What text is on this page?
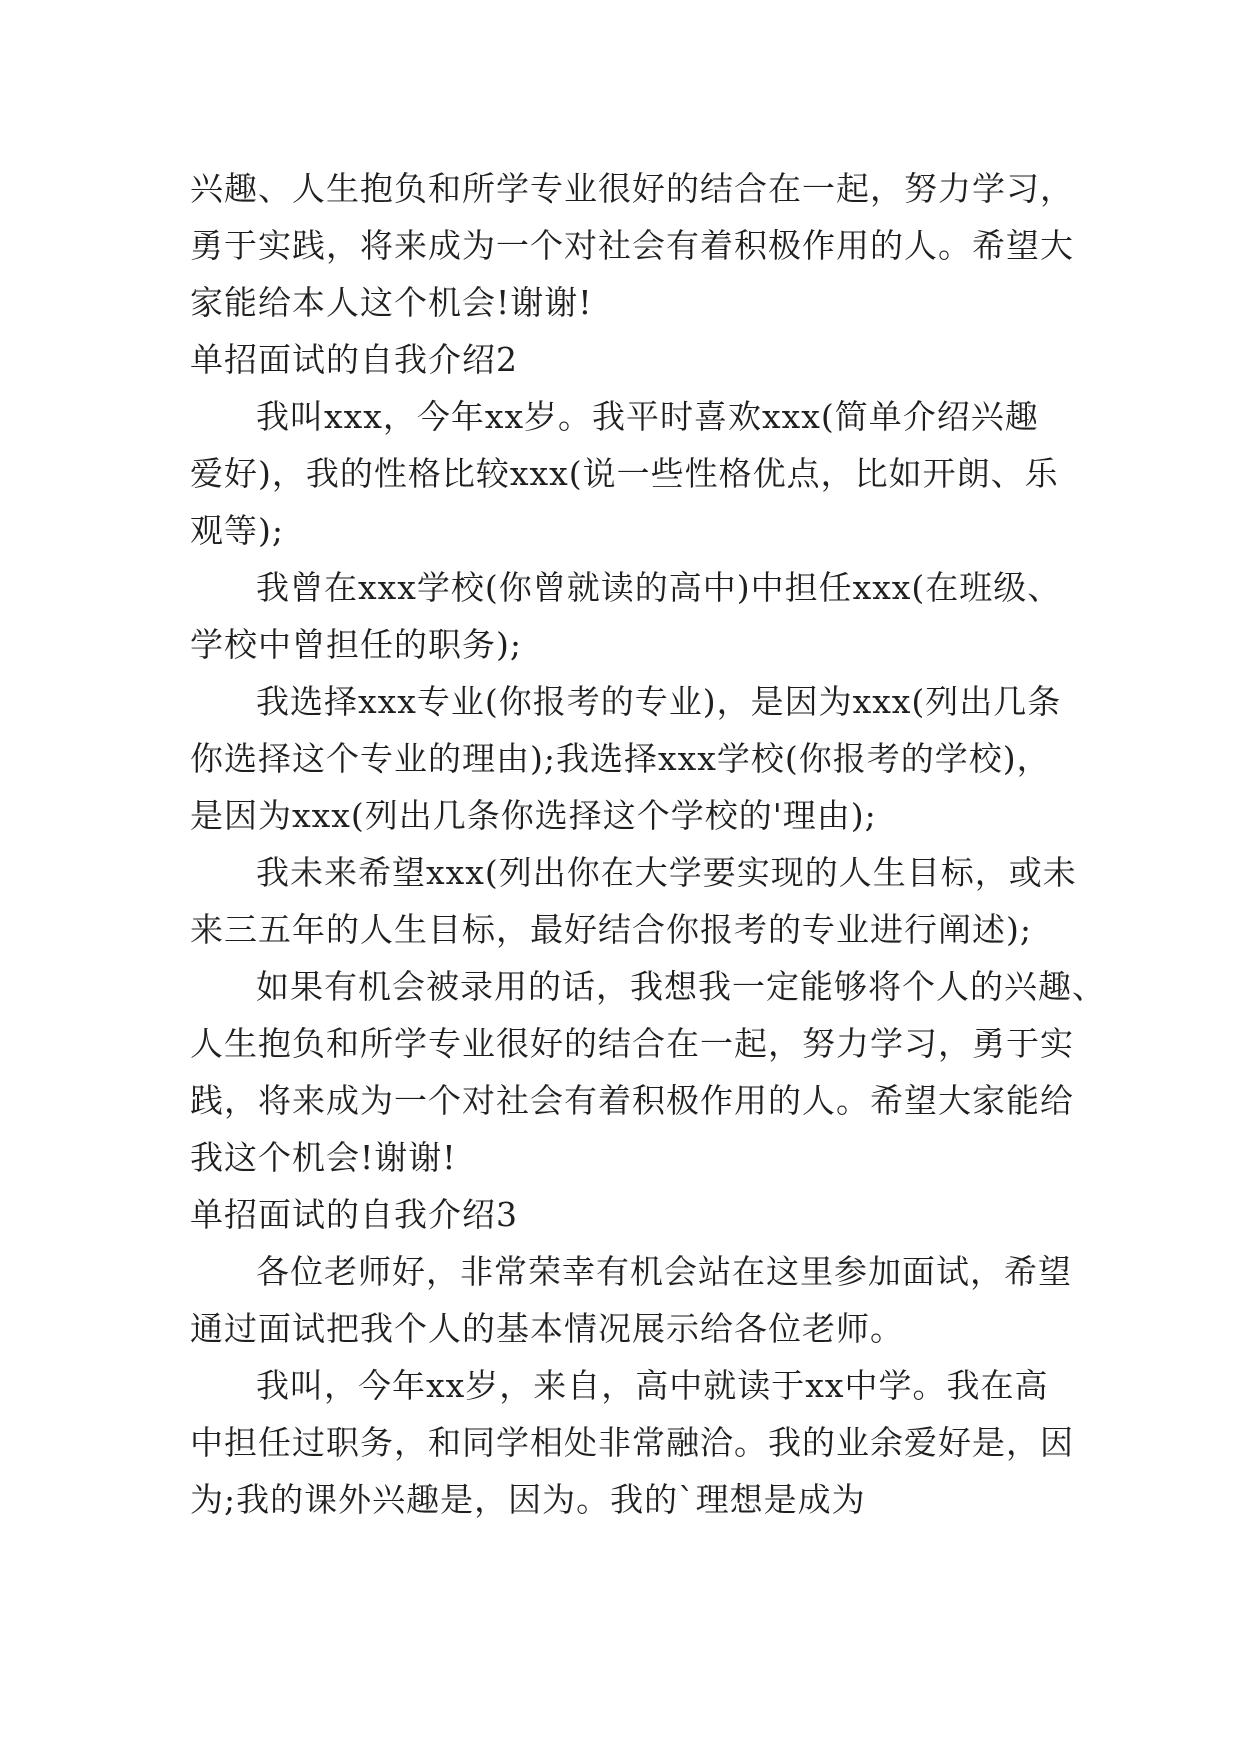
兴趣、人生抱负和所学专业很好的结合在一起，努力学习，
勇于实践，将来成为一个对社会有着积极作用的人。希望大
家能给本人这个机会!谢谢!
单招面试的自我介绍2
我叫xxx，今年xx岁。我平时喜欢xxx(简单介绍兴趣
爱好)，我的性格比较xxx(说一些性格优点，比如开朗、乐
观等);
我曾在xxx学校(你曾就读的高中)中担任xxx(在班级、
学校中曾担任的职务);
我选择xxx专业(你报考的专业)，是因为xxx(列出几条
你选择这个专业的理由);我选择xxx学校(你报考的学校)，
是因为xxx(列出几条你选择这个学校的'理由);
我未来希望xxx(列出你在大学要实现的人生目标，或未
来三五年的人生目标，最好结合你报考的专业进行阐述);
如果有机会被录用的话，我想我一定能够将个人的兴趣、
人生抱负和所学专业很好的结合在一起，努力学习，勇于实
践，将来成为一个对社会有着积极作用的人。希望大家能给
我这个机会!谢谢!
单招面试的自我介绍3
各位老师好，非常荣幸有机会站在这里参加面试，希望
通过面试把我个人的基本情况展示给各位老师。
我叫，今年xx岁，来自，高中就读于xx中学。我在高
中担任过职务，和同学相处非常融洽。我的业余爱好是，因
为;我的课外兴趣是，因为。我的`理想是成为
